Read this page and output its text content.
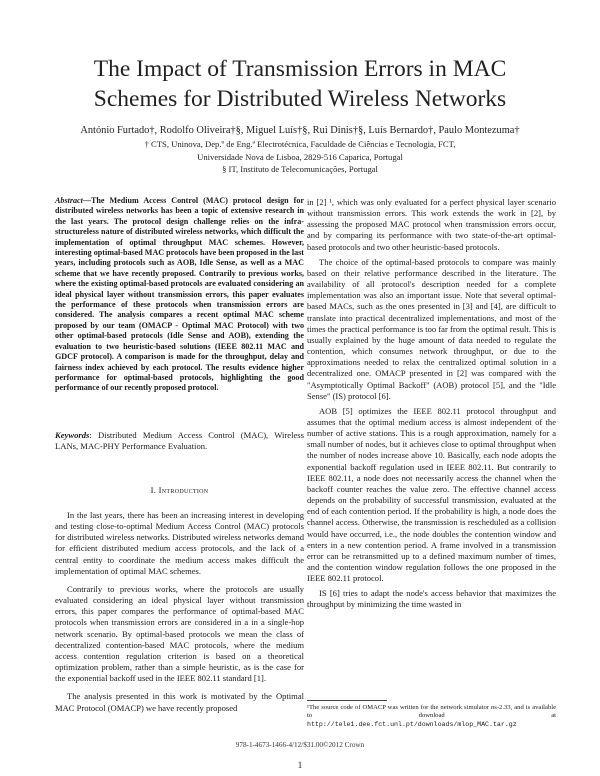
The Impact of Transmission Errors in MAC
Schemes for Distributed Wireless Networks
António Furtado†, Rodolfo Oliveira†§, Miguel Luís†§, Rui Dinis†§, Luís Bernardo†, Paulo Montezuma†
† CTS, Uninova, Dep.º de Eng.ª Electrotécnica, Faculdade de Ciências e Tecnologia, FCT,
Universidade Nova de Lisboa, 2829-516 Caparica, Portugal
§ IT, Instituto de Telecomunicações, Portugal
Abstract—The Medium Access Control (MAC) protocol design for distributed wireless networks has been a topic of extensive research in the last years. The protocol design challenge relies on the infra-structureless nature of distributed wireless networks, which difficult the implementation of optimal throughput MAC schemes. However, interesting optimal-based MAC protocols have been proposed in the last years, including protocols such as AOB, Idle Sense, as well as a MAC scheme that we have recently proposed. Contrarily to previous works, where the existing optimal-based protocols are evaluated considering an ideal physical layer without transmission errors, this paper evaluates the performance of these protocols when transmission errors are considered. The analysis compares a recent optimal MAC scheme proposed by our team (OMACP - Optimal MAC Protocol) with two other optimal-based protocols (Idle Sense and AOB), extending the evaluation to two heuristic-based solutions (IEEE 802.11 MAC and GDCF protocol). A comparison is made for the throughput, delay and fairness index achieved by each protocol. The results evidence higher performance for optimal-based protocols, highlighting the good performance of our recently proposed protocol.
Keywords: Distributed Medium Access Control (MAC), Wireless LANs, MAC-PHY Performance Evaluation.
I. Introduction

In the last years, there has been an increasing interest in developing and testing close-to-optimal Medium Access Control (MAC) protocols for distributed wireless networks. Distributed wireless networks demand for efficient distributed medium access protocols, and the lack of a central entity to coordinate the medium access makes difficult the implementation of optimal MAC schemes.

Contrarily to previous works, where the protocols are usually evaluated considering an ideal physical layer without transmission errors, this paper compares the performance of optimal-based MAC protocols when transmission errors are considered in a in a single-hop network scenario. By optimal-based protocols we mean the class of decentralized contention-based MAC protocols, where the medium access contention regulation criterion is based on a theoretical optimization problem, rather than a simple heuristic, as is the case for the exponential backoff used in the IEEE 802.11 standard [1].

The analysis presented in this work is motivated by the Optimal MAC Protocol (OMACP) we have recently proposed

in [2] ¹, which was only evaluated for a perfect physical layer scenario without transmission errors. This work extends the work in [2], by assessing the proposed MAC protocol when transmission errors occur, and by comparing its performance with two state-of-the-art optimal-based protocols and two other heuristic-based protocols.

The choice of the optimal-based protocols to compare was mainly based on their relative performance described in the literature. The availability of all protocol's description needed for a complete implementation was also an important issue. Note that several optimal-based MACs, such as the ones presented in [3] and [4], are difficult to translate into practical decentralized implementations, and most of the times the practical performance is too far from the optimal result. This is usually explained by the huge amount of data needed to regulate the contention, which consumes network throughput, or due to the approximations needed to relax the centralized optimal solution in a decentralized one. OMACP presented in [2] was compared with the "Asymptotically Optimal Backoff" (AOB) protocol [5], and the "Idle Sense" (IS) protocol [6].

AOB [5] optimizes the IEEE 802.11 protocol throughput and assumes that the optimal medium access is almost independent of the number of active stations. This is a rough approximation, namely for a small number of nodes, but it achieves close to optimal throughput when the number of nodes increase above 10. Basically, each node adopts the exponential backoff regulation used in IEEE 802.11. But contrarily to IEEE 802.11, a node does not necessarily access the channel when the backoff counter reaches the value zero. The effective channel access depends on the probability of successful transmission, evaluated at the end of each contention period. If the probability is high, a node does the channel access. Otherwise, the transmission is rescheduled as a collision would have occurred, i.e., the node doubles the contention window and enters in a new contention period. A frame involved in a transmission error can be retransmitted up to a defined maximum number of times, and the contention window regulation follows the one proposed in the IEEE 802.11 protocol.

IS [6] tries to adapt the node's access behavior that maximizes the throughput by minimizing the time wasted in

¹The source code of OMACP was written for the network simulator ns-2.33, and is available to download at http://tele1.dee.fct.unl.pt/downloads/mlop_MAC.tar.gz
978-1-4673-1466-4/12/$31.00©2012 Crown
1
